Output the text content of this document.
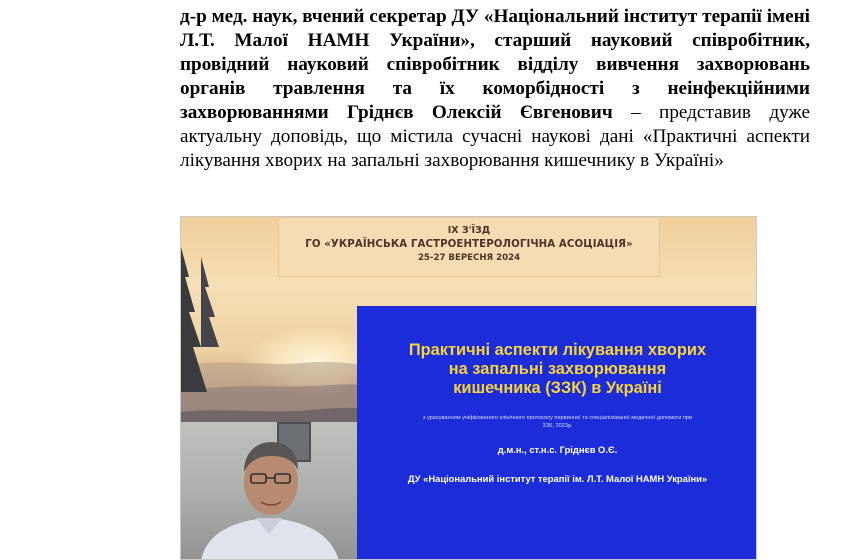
д-р мед. наук, вчений секретар ДУ «Національний інститут терапії імені Л.Т. Малої НАМН України», старший науковий співробітник, провідний науковий співробітник відділу вивчення захворювань органів травлення та їх коморбідності з неінфекційними захворюваннями Гріднєв Олексій Євгенович – представив дуже актуальну доповідь, що містила сучасні наукові дані «Практичні аспекти лікування хворих на запальні захворювання кишечнику в Україні»
IX З'ЇЗД
ГО «УКРАЇНСЬКА ГАСТРОЕНТЕРОЛОГІЧНА АСОЦІАЦІЯ»
25-27 ВЕРЕСНЯ 2024
Практичні аспекти лікування хворих
на запальні захворювання
кишечника (ЗЗК) в Україні
з урахуванням уніфікованого клінічного протоколу первинної та спеціалізованої медичної допомоги при ЗЗК, 2023р.
д.м.н., ст.н.с. Гріднєв О.Є.
ДУ «Національний інститут терапії ім. Л.Т. Малої НАМН України»
